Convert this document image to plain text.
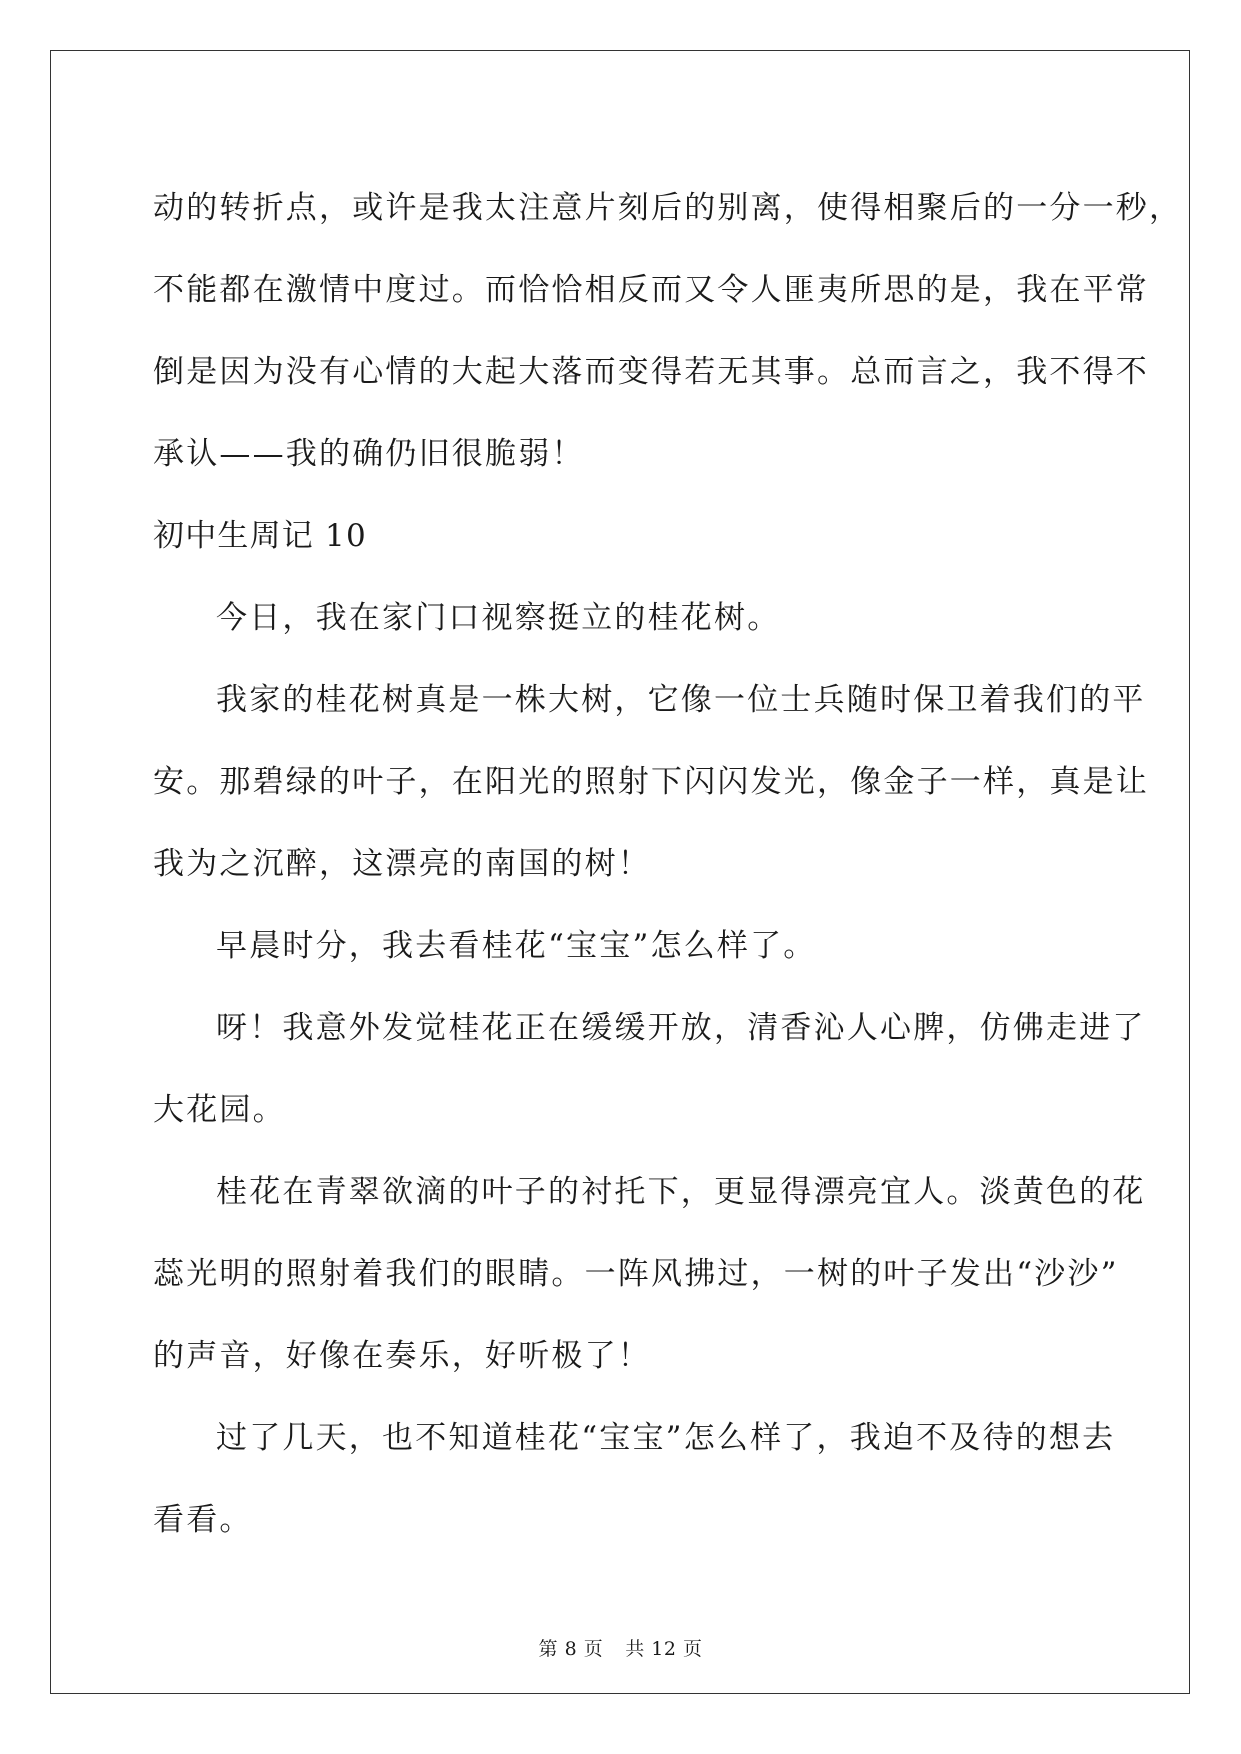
动的转折点，或许是我太注意片刻后的别离，使得相聚后的一分一秒，
不能都在激情中度过。而恰恰相反而又令人匪夷所思的是，我在平常
倒是因为没有心情的大起大落而变得若无其事。总而言之，我不得不
承认——我的确仍旧很脆弱！
初中生周记 10
今日，我在家门口视察挺立的桂花树。
我家的桂花树真是一株大树，它像一位士兵随时保卫着我们的平
安。那碧绿的叶子，在阳光的照射下闪闪发光，像金子一样，真是让
我为之沉醉，这漂亮的南国的树！
早晨时分，我去看桂花“宝宝”怎么样了。
呀！我意外发觉桂花正在缓缓开放，清香沁人心脾，仿佛走进了
大花园。
桂花在青翠欲滴的叶子的衬托下，更显得漂亮宜人。淡黄色的花
蕊光明的照射着我们的眼睛。一阵风拂过，一树的叶子发出“沙沙”
的声音，好像在奏乐，好听极了！
过了几天，也不知道桂花“宝宝”怎么样了，我迫不及待的想去
看看。
第 8 页 共 12 页
